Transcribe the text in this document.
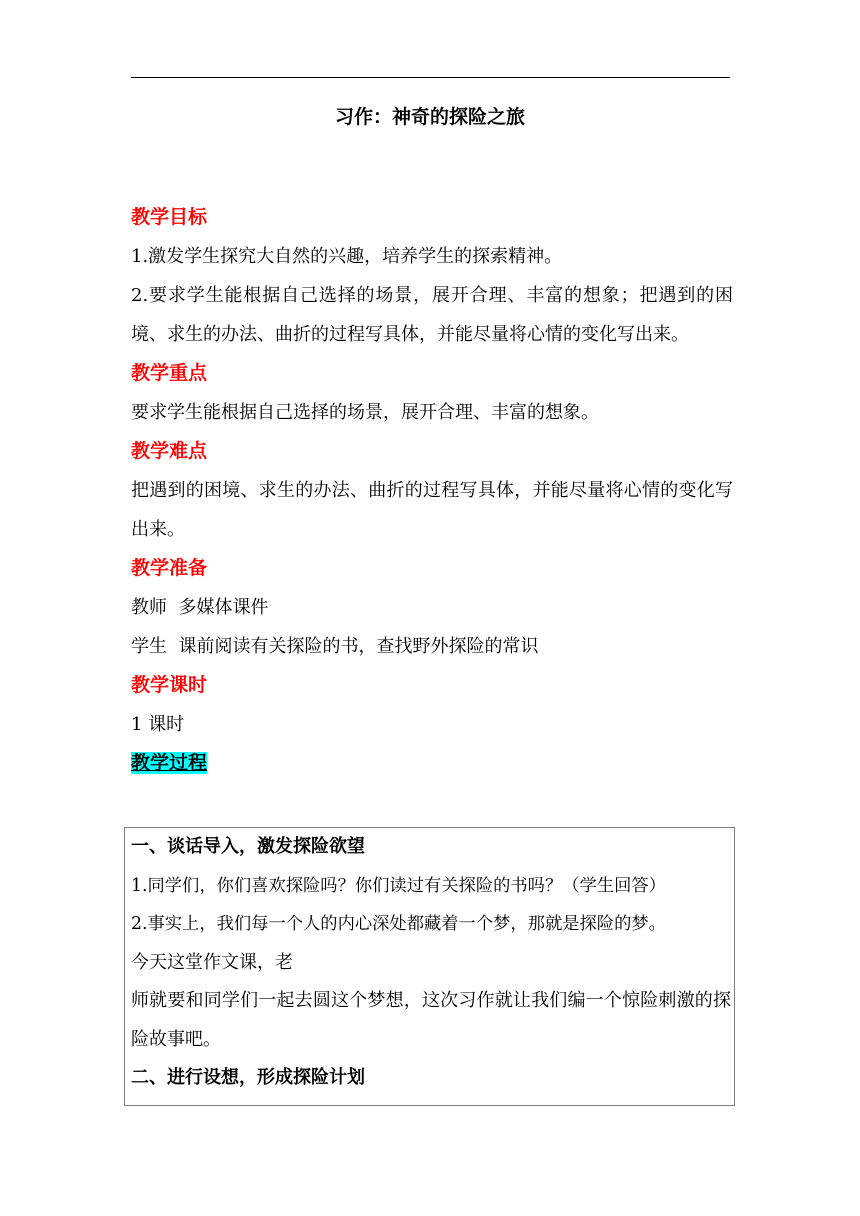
习作：神奇的探险之旅
教学目标
1.激发学生探究大自然的兴趣，培养学生的探索精神。
2.要求学生能根据自己选择的场景，展开合理、丰富的想象；把遇到的困境、求生的办法、曲折的过程写具体，并能尽量将心情的变化写出来。
教学重点
要求学生能根据自己选择的场景，展开合理、丰富的想象。
教学难点
把遇到的困境、求生的办法、曲折的过程写具体，并能尽量将心情的变化写出来。
教学准备
教师  多媒体课件
学生  课前阅读有关探险的书，查找野外探险的常识
教学课时
1 课时
教学过程
一、谈话导入，激发探险欲望
1.同学们，你们喜欢探险吗？你们读过有关探险的书吗？（学生回答）
2.事实上，我们每一个人的内心深处都藏着一个梦，那就是探险的梦。
今天这堂作文课，老
师就要和同学们一起去圆这个梦想，这次习作就让我们编一个惊险刺激的探险故事吧。
二、进行设想，形成探险计划
